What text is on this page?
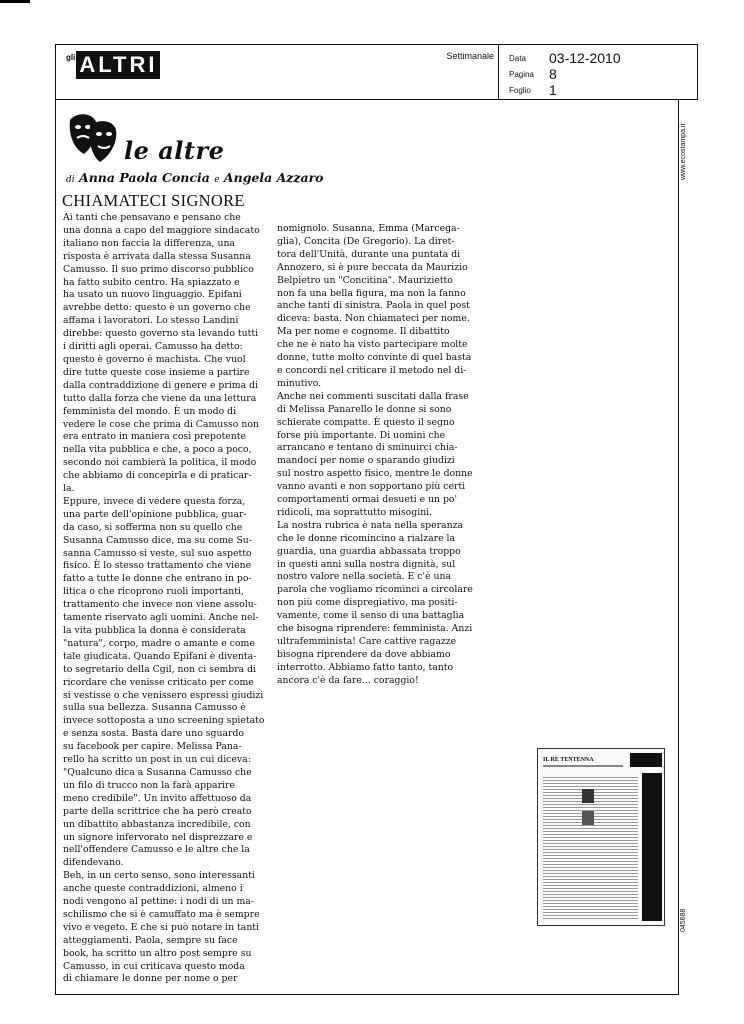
gli ALTRI	Settimanale Data	03-12-2010
Pagina	8
Foglio	1
www.ecostampa.it
045688
le altre
di Anna Paola Concia e Angela Azzaro
CHIAMATECI SIGNORE
Ai tanti che pensavano e pensano che
una donna a capo del maggiore sindacato
italiano non faccia la differenza, una
risposta è arrivata dalla stessa Susanna
Camusso. Il suo primo discorso pubblico
ha fatto subito centro. Ha spiazzato e
ha usato un nuovo linguaggio. Epifani
avrebbe detto: questo è un governo che
affama i lavoratori. Lo stesso Landini
direbbe: questo governo sta levando tutti
i diritti agli operai. Camusso ha detto:
questo è governo è machista. Che vuol
dire tutte queste cose insieme a partire
dalla contraddizione di genere e prima di
tutto dalla forza che viene da una lettura
femminista del mondo. È un modo di
vedere le cose che prima di Camusso non
era entrato in maniera così prepotente
nella vita pubblica e che, a poco a poco,
secondo noi cambierà la politica, il modo
che abbiamo di concepirla e di praticar-
la.
Eppure, invece di vedere questa forza,
una parte dell'opinione pubblica, guar-
da caso, si sofferma non su quello che
Susanna Camusso dice, ma su come Su-
sanna Camusso si veste, sul suo aspetto
fisico. È lo stesso trattamento che viene
fatto a tutte le donne che entrano in po-
litica o che ricoprono ruoli importanti,
trattamento che invece non viene assolu-
tamente riservato agli uomini. Anche nel-
la vita pubblica la donna è considerata
"natura", corpo, madre o amante e come
tale giudicata. Quando Epifani è diventa-
to segretario della Cgil, non ci sembra di
ricordare che venisse criticato per come
si vestisse o che venissero espressi giudizi
sulla sua bellezza. Susanna Camusso è
invece sottoposta a uno screening spietato
e senza sosta. Basta dare uno sguardo
su facebook per capire. Melissa Pana-
rello ha scritto un post in un cui diceva:
"Qualcuno dica a Susanna Camusso che
un filo di trucco non la farà apparire
meno credibile". Un invito affettuoso da
parte della scrittrice che ha però creato
un dibattito abbastanza incredibile, con
un signore infervorato nel disprezzare e
nell'offendere Camusso e le altre che la
difendevano.
Beh, in un certo senso, sono interessanti
anche queste contraddizioni, almeno i
nodi vengono al pettine: i nodi di un ma-
schilismo che si è camuffato ma è sempre
vivo e vegeto. E che si può notare in tanti
atteggiamenti. Paola, sempre su face
book, ha scritto un altro post sempre su
Camusso, in cui criticava questo moda
di chiamare le donne per nome o per
nomignolo. Susanna, Emma (Marcega-
glia), Concita (De Gregorio). La diret-
tora dell'Unità, durante una puntata di
Annozero, si è pure beccata da Maurizio
Belpietro un "Concitina". Maurizietto
non fa una bella figura, ma non la fanno
anche tanti di sinistra. Paola in quel post
diceva: basta. Non chiamateci per nome.
Ma per nome e cognome. Il dibattito
che ne è nato ha visto partecipare molte
donne, tutte molto convinte di quel basta
e concordi nel criticare il metodo nel di-
minutivo.
Anche nei commenti suscitati dalla frase
di Melissa Panarello le donne si sono
schierate compatte. È questo il segno
forse più importante. Di uomini che
arrancano e tentano di sminuirci chia-
mandoci per nome o sparando giudizi
sul nostro aspetto fisico, mentre le donne
vanno avanti e non sopportano più certi
comportamenti ormai desueti e un po'
ridicoli, ma soprattutto misogini.
La nostra rubrica è nata nella speranza
che le donne ricomincino a rialzare la
guardia, una guardia abbassata troppo
in questi anni sulla nostra dignità, sul
nostro valore nella società. E c'è una
parola che vogliamo ricominci a circolare
non più come dispregiativo, ma positi-
vamente, come il senso di una battaglia
che bisogna riprendere: femminista. Anzi
ultrafemminista! Care cattive ragazze
bisogna riprendere da dove abbiamo
interrotto. Abbiamo fatto tanto, tanto
ancora c'è da fare... coraggio!
IL RE TENTENNA
